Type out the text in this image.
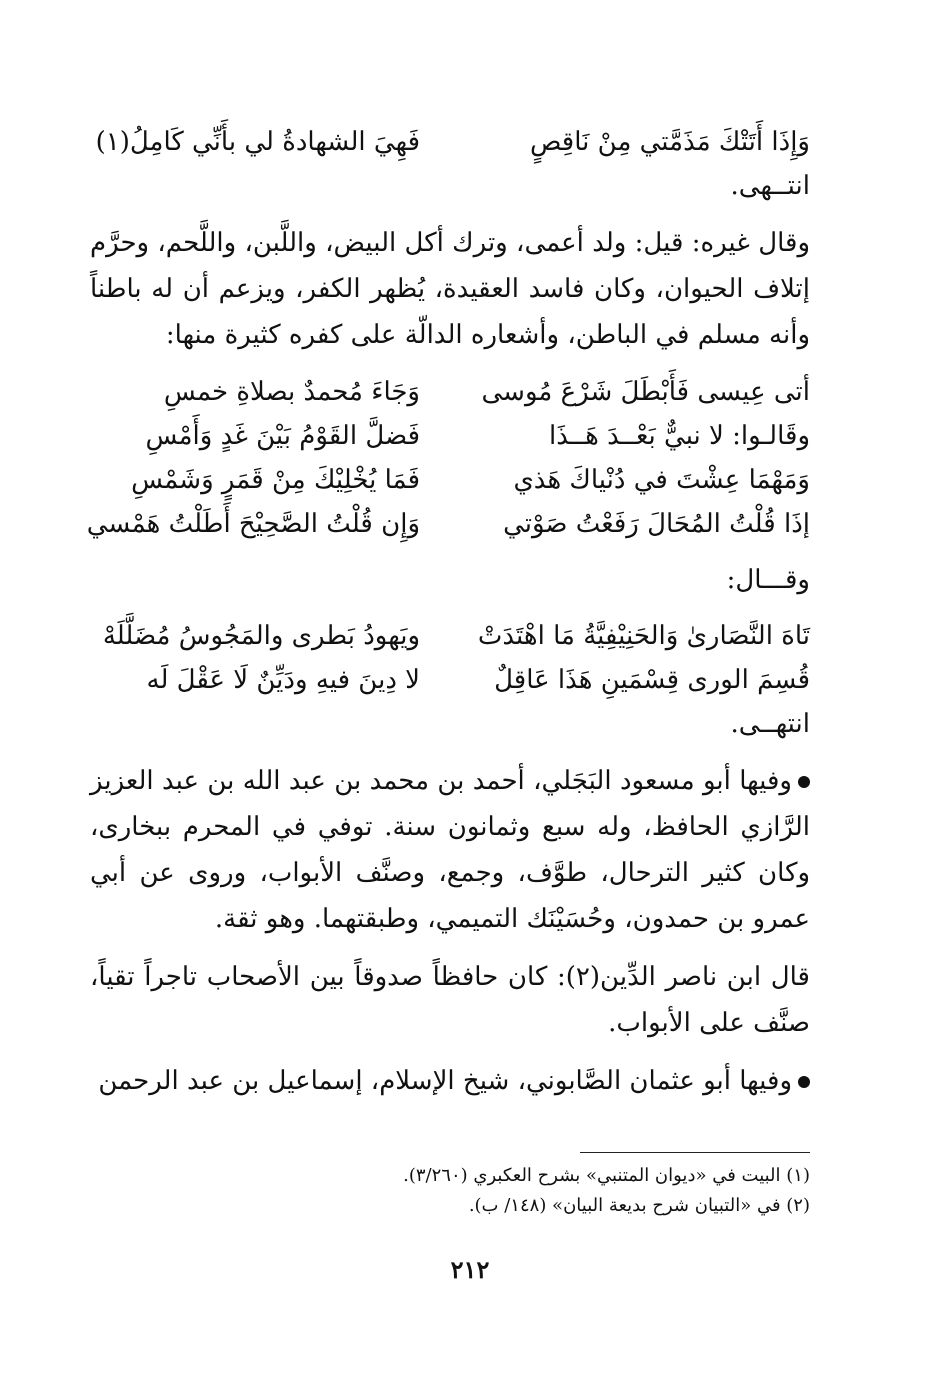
وَإِذَا أَتَتْكَ مَذَمَّتي مِنْ نَاقِصٍ
فَهِيَ الشهادةُ لي بأَنِّي كَامِلُ(١)

انتــهى.

وقال غيره: قيل: ولد أعمى، وترك أكل البيض، واللَّبن، واللَّحم، وحرَّم إتلاف الحيوان، وكان فاسد العقيدة، يُظهر الكفر، ويزعم أن له باطناً وأنه مسلم في الباطن، وأشعاره الدالّة على كفره كثيرة منها:

أتى عِيسى فَأَبْطَلَ شَرْعَ مُوسى
وَجَاءَ مُحمدٌ بصلاةِ خمسِ
وقَالـوا: لا نبيٌّ بَعْــدَ هَــذَا
فَضلَّ القَوْمُ بَيْنَ غَدٍ وَأَمْسِ
وَمَهْمَا عِشْتَ في دُنْياكَ هَذي
فَمَا يُخْلِيْكَ مِنْ قَمَرٍ وَشَمْسِ
إذَا قُلْتُ المُحَالَ رَفَعْتُ صَوْتي
وَإِن قُلْتُ الصَّحِيْحَ أَطَلْتُ هَمْسي

وقـــال:

تَاهَ النَّصَارىٰ وَالحَنِيْفِيَّةُ مَا اهْتَدَتْ
ويَهودُ بَطرى والمَجُوسُ مُضَلَّلَهْ
قُسِمَ الورى قِسْمَينِ هَذَا عَاقِلٌ
لا دِينَ فيهِ ودَيِّنٌ لَا عَقْلَ لَه

انتهــى.

وفيها أبو مسعود البَجَلي، أحمد بن محمد بن عبد الله بن عبد العزيز الرَّازي الحافظ، وله سبع وثمانون سنة. توفي في المحرم ببخارى، وكان كثير الترحال، طوَّف، وجمع، وصنَّف الأبواب، وروى عن أبي عمرو بن حمدون، وحُسَيْنَك التميمي، وطبقتهما. وهو ثقة.

قال ابن ناصر الدِّين(٢): كان حافظاً صدوقاً بين الأصحاب تاجراً تقياً، صنَّف على الأبواب.

وفيها أبو عثمان الصَّابوني، شيخ الإسلام، إسماعيل بن عبد الرحمن

(١) البيت في «ديوان المتنبي» بشرح العكبري (٣/٢٦٠).
(٢) في «التبيان شرح بديعة البيان» (١٤٨/ ب).
٢١٢
